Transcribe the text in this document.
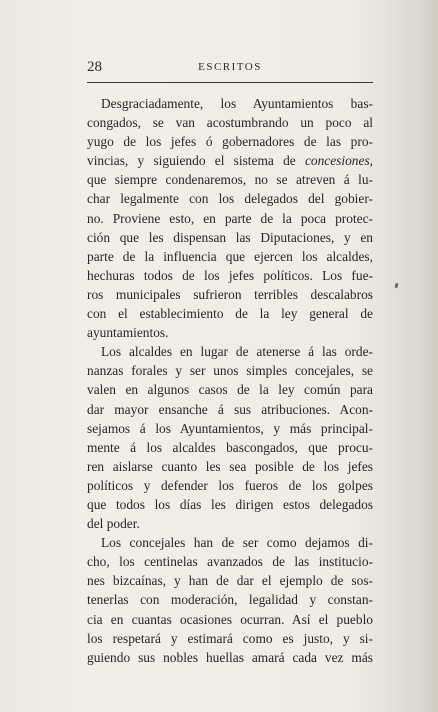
28	ESCRITOS
Desgraciadamente, los Ayuntamientos bas-
congados, se van acostumbrando un poco al
yugo de los jefes ó gobernadores de las pro-
vincias, y siguiendo el sistema de concesiones,
que siempre condenaremos, no se atreven á lu-
char legalmente con los delegados del gobier-
no. Proviene esto, en parte de la poca protec-
ción que les dispensan las Diputaciones, y en
parte de la influencia que ejercen los alcaldes,
hechuras todos de los jefes políticos. Los fue-
ros municipales sufrieron terribles descalabros
con el establecimiento de la ley general de
ayuntamientos.
Los alcaldes en lugar de atenerse á las orde-
nanzas forales y ser unos simples concejales, se
valen en algunos casos de la ley común para
dar mayor ensanche á sus atribuciones. Acon-
sejamos á los Ayuntamientos, y más principal-
mente á los alcaldes bascongados, que procu-
ren aislarse cuanto les sea posible de los jefes
políticos y defender los fueros de los golpes
que todos los días les dirigen estos delegados
del poder.
Los concejales han de ser como dejamos di-
cho, los centinelas avanzados de las institucio-
nes bizcaínas, y han de dar el ejemplo de sos-
tenerlas con moderación, legalidad y constan-
cia en cuantas ocasiones ocurran. Así el pueblo
los respetará y estimará como es justo, y si-
guiendo sus nobles huellas amará cada vez más
